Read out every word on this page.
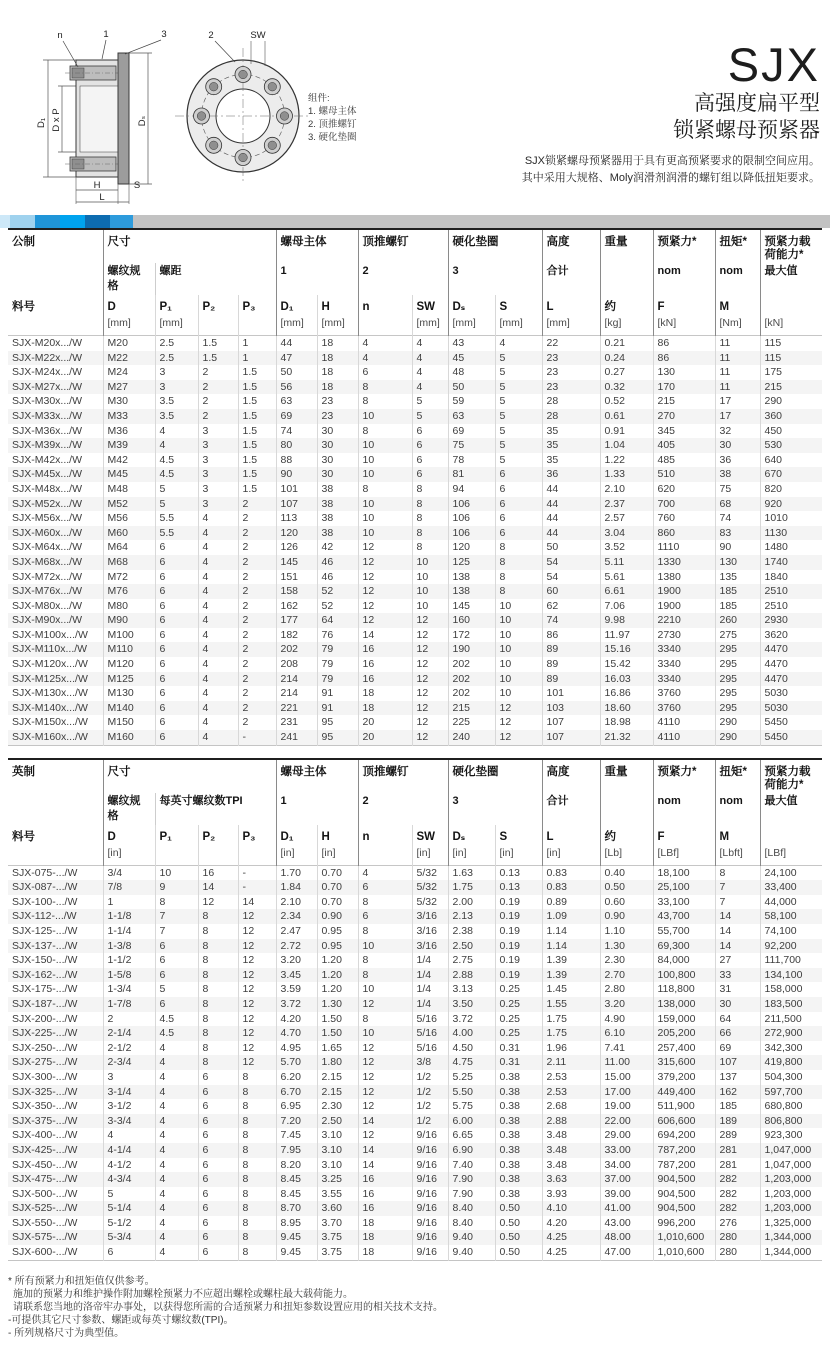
D₁ D x P	Dₛ
H	S
L
n	1	3	2	SW
组件:
1. 螺母主体
2. 顶推螺钉
3. 硬化垫圈
SJX
高强度扁平型
锁紧螺母预紧器
SJX锁紧螺母预紧器用于具有更高预紧要求的限制空间应用。
其中采用大规格、Moly润滑剂润滑的螺钉组以降低扭矩要求。
公制	尺寸				螺母主体		顶推螺钉		硬化垫圈		高度	重量	预紧力*	扭矩*	预紧力载荷能力*
	螺纹规格	螺距			1		2		3		合计		nom	nom	最大值
料号	D	P₁	P₂	P₃	D₁	H	n	SW	Dₛ	S	L	约	F	M	
	[mm]	[mm]			[mm]	[mm]		[mm]	[mm]	[mm]	[mm]	[kg]	[kN]	[Nm]	[kN]
SJX-M20x.../W	M20	2.5	1.5	1	44	18	4	4	43	4	22	0.21	86	11	115
SJX-M22x.../W	M22	2.5	1.5	1	47	18	4	4	45	5	23	0.24	86	11	115
SJX-M24x.../W	M24	3	2	1.5	50	18	6	4	48	5	23	0.27	130	11	175
SJX-M27x.../W	M27	3	2	1.5	56	18	8	4	50	5	23	0.32	170	11	215
SJX-M30x.../W	M30	3.5	2	1.5	63	23	8	5	59	5	28	0.52	215	17	290
SJX-M33x.../W	M33	3.5	2	1.5	69	23	10	5	63	5	28	0.61	270	17	360
SJX-M36x.../W	M36	4	3	1.5	74	30	8	6	69	5	35	0.91	345	32	450
SJX-M39x.../W	M39	4	3	1.5	80	30	10	6	75	5	35	1.04	405	30	530
SJX-M42x.../W	M42	4.5	3	1.5	88	30	10	6	78	5	35	1.22	485	36	640
SJX-M45x.../W	M45	4.5	3	1.5	90	30	10	6	81	6	36	1.33	510	38	670
SJX-M48x.../W	M48	5	3	1.5	101	38	8	8	94	6	44	2.10	620	75	820
SJX-M52x.../W	M52	5	3	2	107	38	10	8	106	6	44	2.37	700	68	920
SJX-M56x.../W	M56	5.5	4	2	113	38	10	8	106	6	44	2.57	760	74	1010
SJX-M60x.../W	M60	5.5	4	2	120	38	10	8	106	6	44	3.04	860	83	1130
SJX-M64x.../W	M64	6	4	2	126	42	12	8	120	8	50	3.52	1110	90	1480
SJX-M68x.../W	M68	6	4	2	145	46	12	10	125	8	54	5.11	1330	130	1740
SJX-M72x.../W	M72	6	4	2	151	46	12	10	138	8	54	5.61	1380	135	1840
SJX-M76x.../W	M76	6	4	2	158	52	12	10	138	8	60	6.61	1900	185	2510
SJX-M80x.../W	M80	6	4	2	162	52	12	10	145	10	62	7.06	1900	185	2510
SJX-M90x.../W	M90	6	4	2	177	64	12	12	160	10	74	9.98	2210	260	2930
SJX-M100x.../W	M100	6	4	2	182	76	14	12	172	10	86	11.97	2730	275	3620
SJX-M110x.../W	M110	6	4	2	202	79	16	12	190	10	89	15.16	3340	295	4470
SJX-M120x.../W	M120	6	4	2	208	79	16	12	202	10	89	15.42	3340	295	4470
SJX-M125x.../W	M125	6	4	2	214	79	16	12	202	10	89	16.03	3340	295	4470
SJX-M130x.../W	M130	6	4	2	214	91	18	12	202	10	101	16.86	3760	295	5030
SJX-M140x.../W	M140	6	4	2	221	91	18	12	215	12	103	18.60	3760	295	5030
SJX-M150x.../W	M150	6	4	2	231	95	20	12	225	12	107	18.98	4110	290	5450
SJX-M160x.../W	M160	6	4	-	241	95	20	12	240	12	107	21.32	4110	290	5450
英制	尺寸				螺母主体		顶推螺钉		硬化垫圈		高度	重量	预紧力*	扭矩*	预紧力载荷能力*
	螺纹规格	每英寸螺纹数TPI			1		2		3		合计		nom	nom	最大值
料号	D	P₁	P₂	P₃	D₁	H	n	SW	Dₛ	S	L	约	F	M	
	[in]				[in]	[in]		[in]	[in]	[in]	[in]	[Lb]	[LBf]	[Lbft]	[LBf]
SJX-075-.../W	3/4	10	16	-	1.70	0.70	4	5/32	1.63	0.13	0.83	0.40	18,100	8	24,100
SJX-087-.../W	7/8	9	14	-	1.84	0.70	6	5/32	1.75	0.13	0.83	0.50	25,100	7	33,400
SJX-100-.../W	1	8	12	14	2.10	0.70	8	5/32	2.00	0.19	0.89	0.60	33,100	7	44,000
SJX-112-.../W	1-1/8	7	8	12	2.34	0.90	6	3/16	2.13	0.19	1.09	0.90	43,700	14	58,100
SJX-125-.../W	1-1/4	7	8	12	2.47	0.95	8	3/16	2.38	0.19	1.14	1.10	55,700	14	74,100
SJX-137-.../W	1-3/8	6	8	12	2.72	0.95	10	3/16	2.50	0.19	1.14	1.30	69,300	14	92,200
SJX-150-.../W	1-1/2	6	8	12	3.20	1.20	8	1/4	2.75	0.19	1.39	2.30	84,000	27	111,700
SJX-162-.../W	1-5/8	6	8	12	3.45	1.20	8	1/4	2.88	0.19	1.39	2.70	100,800	33	134,100
SJX-175-.../W	1-3/4	5	8	12	3.59	1.20	10	1/4	3.13	0.25	1.45	2.80	118,800	31	158,000
SJX-187-.../W	1-7/8	6	8	12	3.72	1.30	12	1/4	3.50	0.25	1.55	3.20	138,000	30	183,500
SJX-200-.../W	2	4.5	8	12	4.20	1.50	8	5/16	3.72	0.25	1.75	4.90	159,000	64	211,500
SJX-225-.../W	2-1/4	4.5	8	12	4.70	1.50	10	5/16	4.00	0.25	1.75	6.10	205,200	66	272,900
SJX-250-.../W	2-1/2	4	8	12	4.95	1.65	12	5/16	4.50	0.31	1.96	7.41	257,400	69	342,300
SJX-275-.../W	2-3/4	4	8	12	5.70	1.80	12	3/8	4.75	0.31	2.11	11.00	315,600	107	419,800
SJX-300-.../W	3	4	6	8	6.20	2.15	12	1/2	5.25	0.38	2.53	15.00	379,200	137	504,300
SJX-325-.../W	3-1/4	4	6	8	6.70	2.15	12	1/2	5.50	0.38	2.53	17.00	449,400	162	597,700
SJX-350-.../W	3-1/2	4	6	8	6.95	2.30	12	1/2	5.75	0.38	2.68	19.00	511,900	185	680,800
SJX-375-.../W	3-3/4	4	6	8	7.20	2.50	14	1/2	6.00	0.38	2.88	22.00	606,600	189	806,800
SJX-400-.../W	4	4	6	8	7.45	3.10	12	9/16	6.65	0.38	3.48	29.00	694,200	289	923,300
SJX-425-.../W	4-1/4	4	6	8	7.95	3.10	14	9/16	6.90	0.38	3.48	33.00	787,200	281	1,047,000
SJX-450-.../W	4-1/2	4	6	8	8.20	3.10	14	9/16	7.40	0.38	3.48	34.00	787,200	281	1,047,000
SJX-475-.../W	4-3/4	4	6	8	8.45	3.25	16	9/16	7.90	0.38	3.63	37.00	904,500	282	1,203,000
SJX-500-.../W	5	4	6	8	8.45	3.55	16	9/16	7.90	0.38	3.93	39.00	904,500	282	1,203,000
SJX-525-.../W	5-1/4	4	6	8	8.70	3.60	16	9/16	8.40	0.50	4.10	41.00	904,500	282	1,203,000
SJX-550-.../W	5-1/2	4	6	8	8.95	3.70	18	9/16	8.40	0.50	4.20	43.00	996,200	276	1,325,000
SJX-575-.../W	5-3/4	4	6	8	9.45	3.75	18	9/16	9.40	0.50	4.25	48.00	1,010,600	280	1,344,000
SJX-600-.../W	6	4	6	8	9.45	3.75	18	9/16	9.40	0.50	4.25	47.00	1,010,600	280	1,344,000
* 所有预紧力和扭矩值仅供参考。
施加的预紧力和维护操作附加螺栓预紧力不应超出螺栓或螺柱最大载荷能力。
请联系您当地的洛帝牢办事处，以获得您所需的合适预紧力和扭矩参数设置应用的相关技术支持。
-可提供其它尺寸参数、螺距或每英寸螺纹数(TPI)。
- 所列规格尺寸为典型值。
